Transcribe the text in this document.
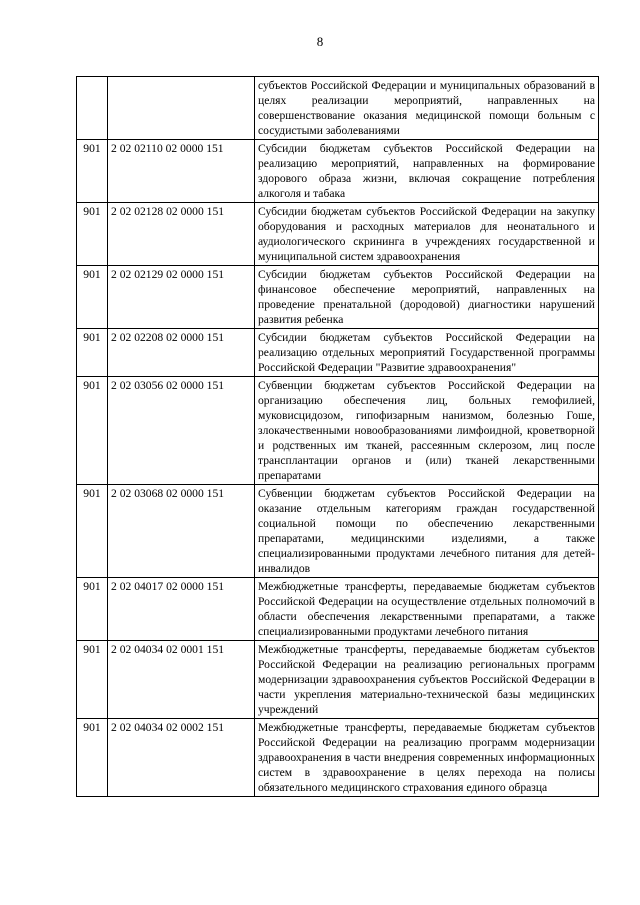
8
		субъектов Российской Федерации и муниципальных образований в целях реализации мероприятий, направленных на совершенствование оказания медицинской помощи больным с сосудистыми заболеваниями
901	2 02 02110 02 0000 151	Субсидии бюджетам субъектов Российской Федерации на реализацию мероприятий, направленных на формирование здорового образа жизни, включая сокращение потребления алкоголя и табака
901	2 02 02128 02 0000 151	Субсидии бюджетам субъектов Российской Федерации на закупку оборудования и расходных материалов для неонатального и аудиологического скрининга в учреждениях государственной и муниципальной систем здравоохранения
901	2 02 02129 02 0000 151	Субсидии бюджетам субъектов Российской Федерации на финансовое обеспечение мероприятий, направленных на проведение пренатальной (дородовой) диагностики нарушений развития ребенка
901	2 02 02208 02 0000 151	Субсидии бюджетам субъектов Российской Федерации на реализацию отдельных мероприятий Государственной программы Российской Федерации "Развитие здравоохранения"
901	2 02 03056 02 0000 151	Субвенции бюджетам субъектов Российской Федерации на организацию обеспечения лиц, больных гемофилией, муковисцидозом, гипофизарным нанизмом, болезнью Гоше, злокачественными новообразованиями лимфоидной, кроветворной и родственных им тканей, рассеянным склерозом, лиц после трансплантации органов и (или) тканей лекарственными препаратами
901	2 02 03068 02 0000 151	Субвенции бюджетам субъектов Российской Федерации на оказание отдельным категориям граждан государственной социальной помощи по обеспечению лекарственными препаратами, медицинскими изделиями, а также специализированными продуктами лечебного питания для детей-инвалидов
901	2 02 04017 02 0000 151	Межбюджетные трансферты, передаваемые бюджетам субъектов Российской Федерации на осуществление отдельных полномочий в области обеспечения лекарственными препаратами, а также специализированными продуктами лечебного питания
901	2 02 04034 02 0001 151	Межбюджетные трансферты, передаваемые бюджетам субъектов Российской Федерации на реализацию региональных программ модернизации здравоохранения субъектов Российской Федерации в части укрепления материально-технической базы медицинских учреждений
901	2 02 04034 02 0002 151	Межбюджетные трансферты, передаваемые бюджетам субъектов Российской Федерации на реализацию программ модернизации здравоохранения в части внедрения современных информационных систем в здравоохранение в целях перехода на полисы обязательного медицинского страхования единого образца
